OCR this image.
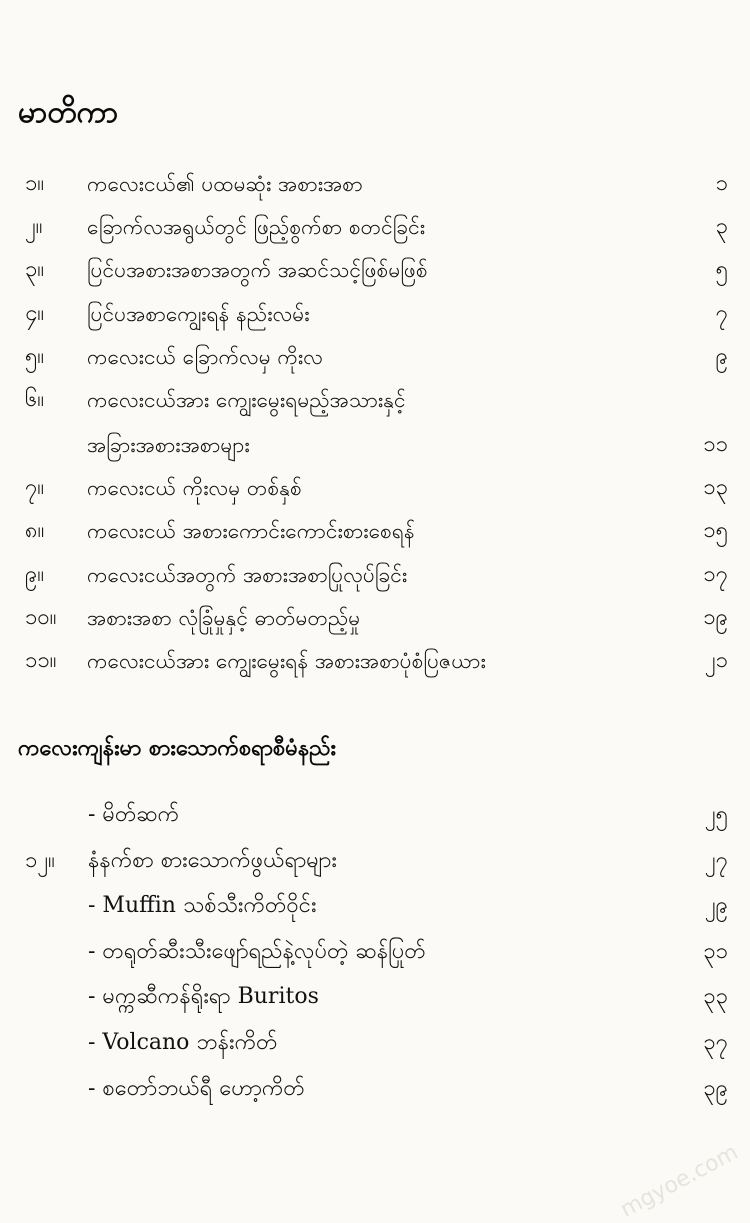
မာတိကာ
၁။	ကလေးငယ်၏ ပထမဆုံး အစားအစာ	၁
၂။	ခြောက်လအရွယ်တွင် ဖြည့်စွက်စာ စတင်ခြင်း	၃
၃။	ပြင်ပအစားအစာအတွက် အဆင်သင့်ဖြစ်မဖြစ်	၅
၄။	ပြင်ပအစာကျွေးရန် နည်းလမ်း	၇
၅။	ကလေးငယ် ခြောက်လမှ ကိုးလ	၉
၆။	ကလေးငယ်အား ကျွေးမွေးရမည့်အသားနှင့်
အခြားအစားအစာများ	၁၁
၇။	ကလေးငယ် ကိုးလမှ တစ်နှစ်	၁၃
၈။	ကလေးငယ် အစားကောင်းကောင်းစားစေရန်	၁၅
၉။	ကလေးငယ်အတွက် အစားအစာပြုလုပ်ခြင်း	၁၇
၁၀။	အစားအစာ လုံခြုံမှုနှင့် ဓာတ်မတည့်မှု	၁၉
၁၁။	ကလေးငယ်အား ကျွေးမွေးရန် အစားအစာပုံစံပြဇယား	၂၁
ကလေးကျန်းမာ စားသောက်စရာစီမံနည်း
- မိတ်ဆက်	၂၅
၁၂။	နံနက်စာ စားသောက်ဖွယ်ရာများ	၂၇
- Muffin သစ်သီးကိတ်ဝိုင်း	၂၉
- တရုတ်ဆီးသီးဖျော်ရည်နဲ့လုပ်တဲ့ ဆန်ပြုတ်	၃၁
- မက္ကဆီကန်ရိုးရာ Buritos	၃၃
- Volcano ဘန်းကိတ်	၃၇
- စတော်ဘယ်ရီ ဟော့ကိတ်	၃၉
mgyoe.com
